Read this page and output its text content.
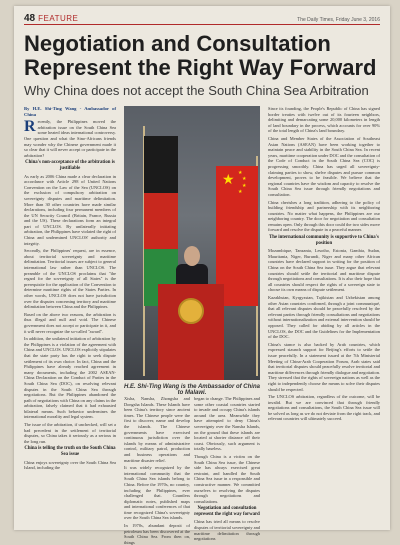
48 FEATURE	The Daily Times, Friday June 3, 2016
Negotiation and Consultation Represent the Right Way Forward
Why China does not accept the South China Sea Arbitration

By H.E. Shi-Ting Wang - Ambassador of China

Recently, the Philippines moved the arbitration issue on the South China Sea some heated ideas international controversy. One question and what the Sino-Africans friends may wonder why the Chinese government made it so clear that it will never accept or participate in the arbitration?

China's non-acceptance of the arbitration is justifiable

As early as 2006 China made a clear declaration in accordance with Article 298 of United Nations Convention on the Law of the Sea (UNCLOS) on the exclusion of compulsory arbitration on sovereignty disputes and maritime delimitation. More than 30 other countries have made similar declarations, including four permanent members of the UN Security Council (Britain, France, Russia and the US). These declarations form an integral part of UNCLOS. By unilaterally initiating arbitration, the Philippines have violated the right of China and undermined UNCLOS' authority and integrity.

Secondly, the Philippines' request, are in essence, about territorial sovereignty and maritime delimitation. Territorial issues are subject to general international law rather than UNCLOS. The preamble of the UNCLOS proclaims that "the regard for the sovereignty of all States" is the prerequisite for the application of the Convention to determine maritime rights of the States Parties. In other words, UNCLOS does not have jurisdiction over the disputes concerning territory and maritime delimitation between China and the Philippines.

Based on the above two reasons, the arbitration is thus illegal and null and void. The Chinese government does not accept or participate in it, and it will never recognize the so-called "award".

In addition, the unilateral initiation of arbitration by the Philippines is a violation of the agreement with China and UNCLOS. UNCLOS explicitly stipulates that the state party has the right to seek dispute settlement of its own choice. In fact, China and the Philippines have already reached agreement in many documents, including the 2002 ASEAN-China Declaration on the Conduct of Parties in the South China Sea (DOC), on resolving relevant disputes in the South China Sea through negotiations. But the Philippines abandoned the path of negotiations with China on any claims in the arbitration, falsely claimed that it had exhausted bilateral means. Such behavior undermines the international morality and legal system.

The issue of the arbitration, if unchecked, will set a bad precedent in the settlement of territorial disputes, so China takes it seriously as a serious in the long run.

China is telling the truth on the South China Sea issue

China enjoys sovereignty over the South China Sea Island, including the

★ ★
★
★
★
H.E. Shi-Ting Wang is the Ambassador of China to Malawi.

Xisha, Nansha, Zhongsha and Dongsha Islands. These Islands have been China's territory since ancient times. The Chinese people were the first to discover, name and develop the islands. The Chinese governments have exercised continuous jurisdiction over the islands by means of administrative control, military patrol, production and business operations and maritime disaster relief.

It was widely recognized by the international community that the South China Sea islands belong to China. Before the 1970s, no country, including the Philippines, ever challenged that. Countless diplomatic notes, published maps and international conferences of that time recognized China's sovereignty over the South China Sea islands.

In 1970s, abundant deposit of petroleum has been discovered at the South China Sea. From then on, things

began to change. The Philippines and some other coastal countries started to invade and occupy China's islands around the area. Meanwhile they have attempted to deny China's sovereignty over the Nansha Islands, on the ground that these islands are located at shorter distance off their coast. Obviously, such argument is totally baseless.

Though China is a victim on the South China Sea issue, the Chinese side has always exercised great restraint, and handled the South China Sea issue in a responsible and constructive manner. We committed ourselves to resolving the disputes through negotiations and consultations.

Negotiation and consultation represent the right way forward

China has tried all means to resolve disputes of territorial sovereignty and maritime delimitation through negotiations

Since its founding, the People's Republic of China has signed border treaties with twelve out of its fourteen neighbors, delimiting and demarcating some 20,000 kilometers in length of land boundary in the process, which accounts for over 90% of the total length of China's land boundary.

China and Member States of the Association of Southeast Asian Nations (ASEAN) have been working together to maintain peace and stability in the South China Sea. In recent years, maritime cooperation under DOC and the consultation of the Code of Conduct in the South China Sea (COC) is progressing smoothly. China has urged all sovereignty-claiming parties to show, shelve disputes and pursue common development, proves to be feasible. We believe that the regional countries have the wisdom and capacity to resolve the South China Sea issue through friendly negotiations and consultation.

China cherishes a long tradition, adhering to the policy of building friendship and partnership with its neighboring countries. No matter what happens, the Philippines are our neighboring country. The door for negotiation and consultation remains open. Only through this door could the two sides move forward and resolve the dispute in a peaceful manner.

The international community is supportive to China's position

Mozambique, Tanzania, Lesotho, Estonia, Gambia, Sudan, Mauritania, Niger, Burundi, Niger and many other African countries have declared support in writing for the position of China on the South China Sea issue. They argue that relevant countries should settle the territorial and maritime dispute through negotiations and consultations. It is also their hope that all countries should respect the rights of a sovereign state to choose its own means of dispute settlement.

Kazakhstan, Kyrgyzstan, Tajikistan and Uzbekistan among other Asian countries confirmed, through a joint communiqué, that all relevant disputes should be peacefully resolved by the relevant parties through friendly consultations and negotiations without internationalization and external intervention should be opposed. They called for abiding by all articles in the UNCLOS, the DOC and the Guidelines for the Implementation of the DOC.

China's stance is also backed by Arab countries, which expressed staunch support for Beijing's efforts to settle the issue peacefully. In a statement issued at the 7th Ministerial Meeting of China-Arab Cooperation Forum, Arab states said that territorial disputes should peacefully resolve territorial and maritime differences through friendly dialogue and negotiation. They stressed that the rights of sovereign nations as well as the right to independently choose the means to solve their disputes should be respected.

The UNCLOS arbitration, regardless of the outcome, will be invalid. But we are convinced that through friendly negotiations and consultations, the South China Sea issue will be solved as long as we do not deviate from the right track, and relevant countries will ultimately succeed.
